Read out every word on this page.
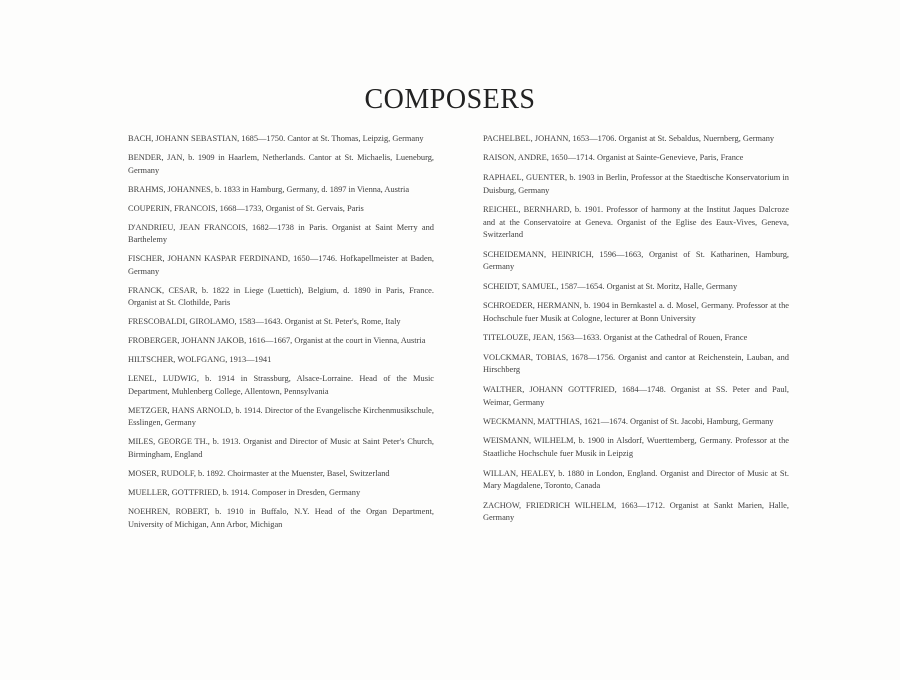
COMPOSERS

BACH, JOHANN SEBASTIAN, 1685—1750. Cantor at St. Thomas, Leipzig, Germany

BENDER, JAN, b. 1909 in Haarlem, Netherlands. Cantor at St. Michaelis, Lueneburg, Germany

BRAHMS, JOHANNES, b. 1833 in Hamburg, Germany, d. 1897 in Vienna, Austria

COUPERIN, FRANCOIS, 1668—1733, Organist of St. Gervais, Paris

D'ANDRIEU, JEAN FRANCOIS, 1682—1738 in Paris. Organist at Saint Merry and Barthelemy

FISCHER, JOHANN KASPAR FERDINAND, 1650—1746. Hofkapellmeister at Baden, Germany

FRANCK, CESAR, b. 1822 in Liege (Luettich), Belgium, d. 1890 in Paris, France. Organist at St. Clothilde, Paris

FRESCOBALDI, GIROLAMO, 1583—1643. Organist at St. Peter's, Rome, Italy

FROBERGER, JOHANN JAKOB, 1616—1667, Organist at the court in Vienna, Austria

HILTSCHER, WOLFGANG, 1913—1941

LENEL, LUDWIG, b. 1914 in Strassburg, Alsace-Lorraine. Head of the Music Department, Muhlenberg College, Allentown, Pennsylvania

METZGER, HANS ARNOLD, b. 1914. Director of the Evangelische Kirchenmusikschule, Esslingen, Germany

MILES, GEORGE TH., b. 1913. Organist and Director of Music at Saint Peter's Church, Birmingham, England

MOSER, RUDOLF, b. 1892. Choirmaster at the Muenster, Basel, Switzerland

MUELLER, GOTTFRIED, b. 1914. Composer in Dresden, Germany

NOEHREN, ROBERT, b. 1910 in Buffalo, N.Y. Head of the Organ Department, University of Michigan, Ann Arbor, Michigan

PACHELBEL, JOHANN, 1653—1706. Organist at St. Sebaldus, Nuernberg, Germany

RAISON, ANDRE, 1650—1714. Organist at Sainte-Genevieve, Paris, France

RAPHAEL, GUENTER, b. 1903 in Berlin, Professor at the Staedtische Konservatorium in Duisburg, Germany

REICHEL, BERNHARD, b. 1901. Professor of harmony at the Institut Jaques Dalcroze and at the Conservatoire at Geneva. Organist of the Eglise des Eaux-Vives, Geneva, Switzerland

SCHEIDEMANN, HEINRICH, 1596—1663, Organist of St. Katharinen, Hamburg, Germany

SCHEIDT, SAMUEL, 1587—1654. Organist at St. Moritz, Halle, Germany

SCHROEDER, HERMANN, b. 1904 in Bernkastel a. d. Mosel, Germany. Professor at the Hochschule fuer Musik at Cologne, lecturer at Bonn University

TITELOUZE, JEAN, 1563—1633. Organist at the Cathedral of Rouen, France

VOLCKMAR, TOBIAS, 1678—1756. Organist and cantor at Reichenstein, Lauban, and Hirschberg

WALTHER, JOHANN GOTTFRIED, 1684—1748. Organist at SS. Peter and Paul, Weimar, Germany

WECKMANN, MATTHIAS, 1621—1674. Organist of St. Jacobi, Hamburg, Germany

WEISMANN, WILHELM, b. 1900 in Alsdorf, Wuerttemberg, Germany. Professor at the Staatliche Hochschule fuer Musik in Leipzig

WILLAN, HEALEY, b. 1880 in London, England. Organist and Director of Music at St. Mary Magdalene, Toronto, Canada

ZACHOW, FRIEDRICH WILHELM, 1663—1712. Organist at Sankt Marien, Halle, Germany
